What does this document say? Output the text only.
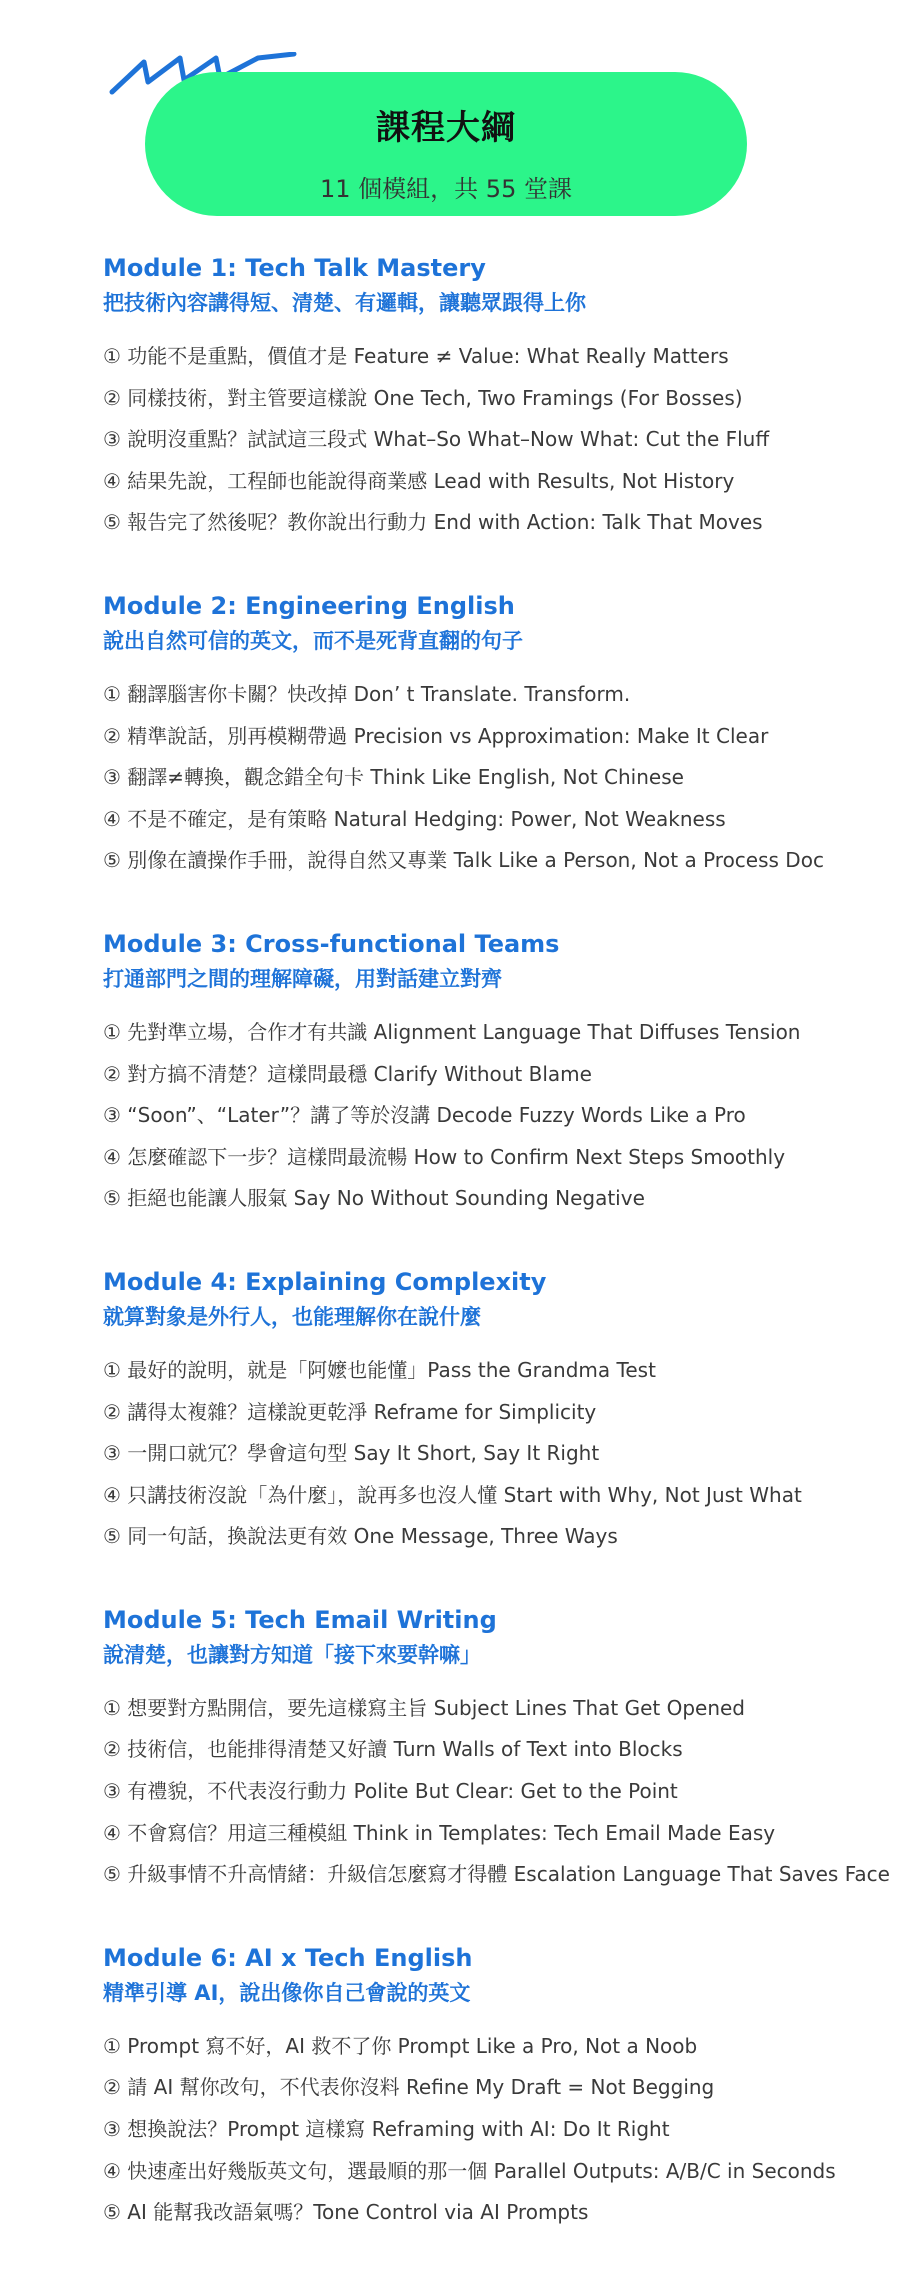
課程大綱
11 個模組，共 55 堂課
Module 1: Tech Talk Mastery
把技術內容講得短、清楚、有邏輯，讓聽眾跟得上你
① 功能不是重點，價值才是 Feature ≠ Value: What Really Matters
② 同樣技術，對主管要這樣說 One Tech, Two Framings (For Bosses)
③ 說明沒重點？試試這三段式 What–So What–Now What: Cut the Fluff
④ 結果先說，工程師也能說得商業感 Lead with Results, Not History
⑤ 報告完了然後呢？教你說出行動力 End with Action: Talk That Moves
Module 2: Engineering English
說出自然可信的英文，而不是死背直翻的句子
① 翻譯腦害你卡關？快改掉 Don’ t Translate. Transform.
② 精準說話，別再模糊帶過 Precision vs Approximation: Make It Clear
③ 翻譯≠轉換，觀念錯全句卡 Think Like English, Not Chinese
④ 不是不確定，是有策略 Natural Hedging: Power, Not Weakness
⑤ 別像在讀操作手冊，說得自然又專業 Talk Like a Person, Not a Process Doc
Module 3: Cross-functional Teams
打通部門之間的理解障礙，用對話建立對齊
① 先對準立場，合作才有共識 Alignment Language That Diffuses Tension
② 對方搞不清楚？這樣問最穩 Clarify Without Blame
③ “Soon”、“Later”？講了等於沒講 Decode Fuzzy Words Like a Pro
④ 怎麼確認下一步？這樣問最流暢 How to Confirm Next Steps Smoothly
⑤ 拒絕也能讓人服氣 Say No Without Sounding Negative
Module 4: Explaining Complexity
就算對象是外行人，也能理解你在說什麼
① 最好的說明，就是「阿嬤也能懂」Pass the Grandma Test
② 講得太複雜？這樣說更乾淨 Reframe for Simplicity
③ 一開口就冗？學會這句型 Say It Short, Say It Right
④ 只講技術沒說「為什麼」，說再多也沒人懂 Start with Why, Not Just What
⑤ 同一句話，換說法更有效 One Message, Three Ways
Module 5: Tech Email Writing
說清楚，也讓對方知道「接下來要幹嘛」
① 想要對方點開信，要先這樣寫主旨 Subject Lines That Get Opened
② 技術信，也能排得清楚又好讀 Turn Walls of Text into Blocks
③ 有禮貌，不代表沒行動力 Polite But Clear: Get to the Point
④ 不會寫信？用這三種模組 Think in Templates: Tech Email Made Easy
⑤ 升級事情不升高情緒：升級信怎麼寫才得體 Escalation Language That Saves Face
Module 6: AI x Tech English
精準引導 AI，說出像你自己會說的英文
① Prompt 寫不好，AI 救不了你 Prompt Like a Pro, Not a Noob
② 請 AI 幫你改句，不代表你沒料 Refine My Draft = Not Begging
③ 想換說法？Prompt 這樣寫 Reframing with AI: Do It Right
④ 快速產出好幾版英文句，選最順的那一個 Parallel Outputs: A/B/C in Seconds
⑤ AI 能幫我改語氣嗎？Tone Control via AI Prompts
